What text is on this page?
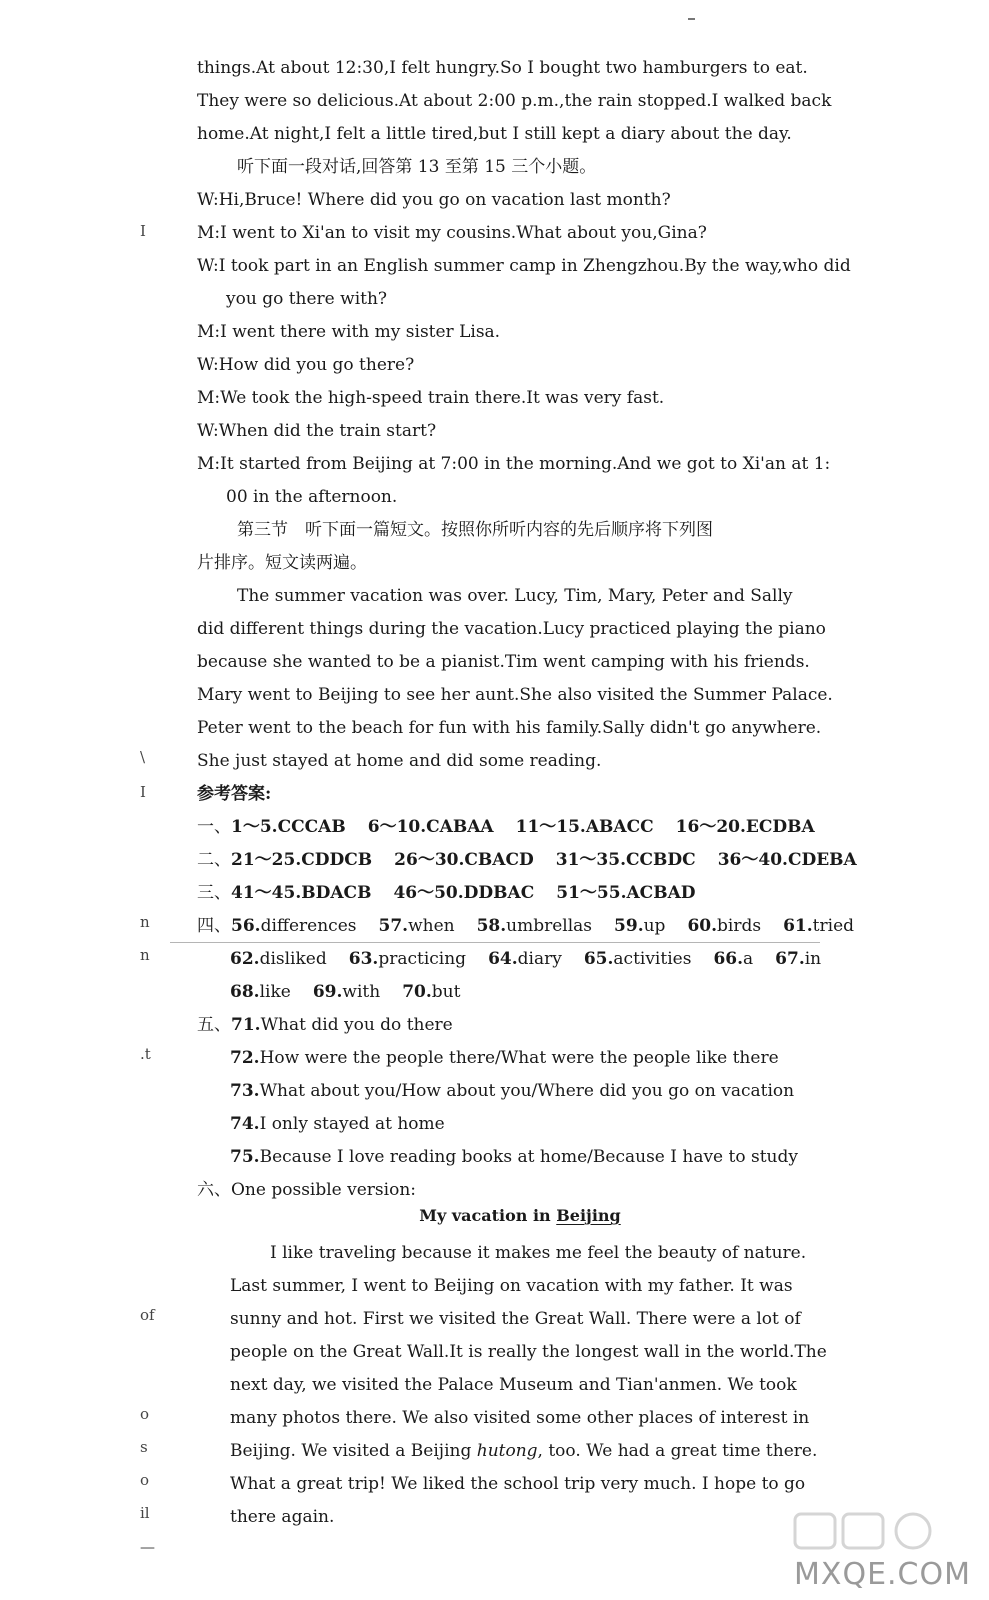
things.At about 12:30,I felt hungry.So I bought two hamburgers to eat.
They were so delicious.At about 2:00 p.m.,the rain stopped.I walked back
home.At night,I felt a little tired,but I still kept a diary about the day.
听下面一段对话,回答第 13 至第 15 三个小题。
W:Hi,Bruce! Where did you go on vacation last month?
M:I went to Xi'an to visit my cousins.What about you,Gina?
W:I took part in an English summer camp in Zhengzhou.By the way,who did
you go there with?
M:I went there with my sister Lisa.
W:How did you go there?
M:We took the high-speed train there.It was very fast.
W:When did the train start?
M:It started from Beijing at 7:00 in the morning.And we got to Xi'an at 1:
00 in the afternoon.
第三节　听下面一篇短文。按照你所听内容的先后顺序将下列图
片排序。短文读两遍。
The summer vacation was over. Lucy, Tim, Mary, Peter and Sally
did different things during the vacation.Lucy practiced playing the piano
because she wanted to be a pianist.Tim went camping with his friends.
Mary went to Beijing to see her aunt.She also visited the Summer Palace.
Peter went to the beach for fun with his family.Sally didn't go anywhere.
She just stayed at home and did some reading.
参考答案:
一、1～5.CCCAB 6～10.CABAA 11～15.ABACC 16～20.ECDBA
二、21～25.CDDCB 26～30.CBACD 31～35.CCBDC 36～40.CDEBA
三、41～45.BDACB 46～50.DDBAC 51～55.ACBAD
四、56.differences 57.when 58.umbrellas 59.up 60.birds 61.tried
62.disliked 63.practicing 64.diary 65.activities 66.a 67.in
68.like 69.with 70.but
五、71.What did you do there
72.How were the people there/What were the people like there
73.What about you/How about you/Where did you go on vacation
74.I only stayed at home
75.Because I love reading books at home/Because I have to study
六、One possible version:
My vacation in Beijing
I like traveling because it makes me feel the beauty of nature.
Last summer, I went to Beijing on vacation with my father. It was
sunny and hot. First we visited the Great Wall. There were a lot of
people on the Great Wall.It is really the longest wall in the world.The
next day, we visited the Palace Museum and Tian'anmen. We took
many photos there. We also visited some other places of interest in
Beijing. We visited a Beijing hutong, too. We had a great time there.
What a great trip! We liked the school trip very much. I hope to go
there again.
I
\
I
n
n
.t
of
o
s
o
il
—
MXQE.COM
